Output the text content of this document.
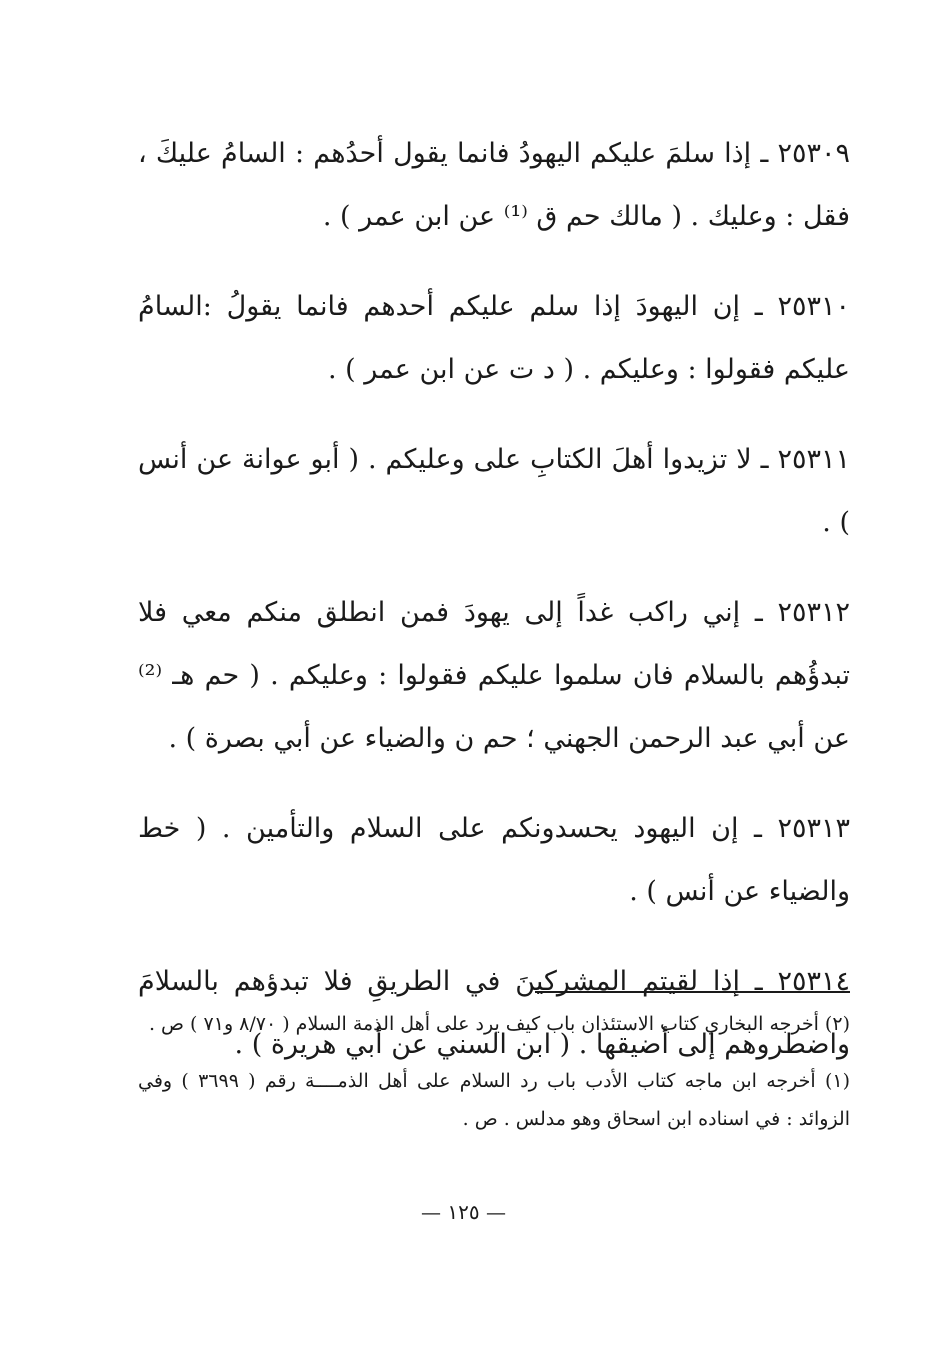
٢٥٣٠٩ ـ إذا سلمَ عليكم اليهودُ فانما يقول أحدُهم : السامُ عليكَ ، فقل : وعليك . ( مالك حم ق ⁽¹⁾ عن ابن عمر ) .

٢٥٣١٠ ـ إن اليهودَ إذا سلم عليكم أحدهم فانما يقولُ :السامُ عليكم فقولوا : وعليكم . ( د ت عن ابن عمر ) .

٢٥٣١١ ـ لا تزيدوا أهلَ الكتابِ على وعليكم . ( أبو عوانة عن أنس ) .

٢٥٣١٢ ـ إني راكب غداً إلى يهودَ فمن انطلق منكم معي فلا تبدؤُهم بالسلام فان سلموا عليكم فقولوا : وعليكم . ( حم هـ ⁽²⁾ عن أبي عبد الرحمن الجهني ؛ حم ن والضياء عن أبي بصرة ) .

٢٥٣١٣ ـ إن اليهود يحسدونكم على السلام والتأمين . ( خط والضياء عن أنس ) .

٢٥٣١٤ ـ إذا لقيتم المشركينَ في الطريقِ فلا تبدؤهم بالسلامَ واضطروهم إلى أضيقها . ( ابن السني عن أبي هريرة ) .

(٢) أخرجه البخاري كتاب الاستئذان باب كيف يرد على أهل الذمة السلام ( ٨/٧٠ و٧١ ) ص .

(١) أخرجه ابن ماجه كتاب الأدب باب رد السلام على أهل الذمــــة رقم ( ٣٦٩٩ ) وفي الزوائد : في اسناده ابن اسحاق وهو مدلس . ص .

— ١٢٥ —
